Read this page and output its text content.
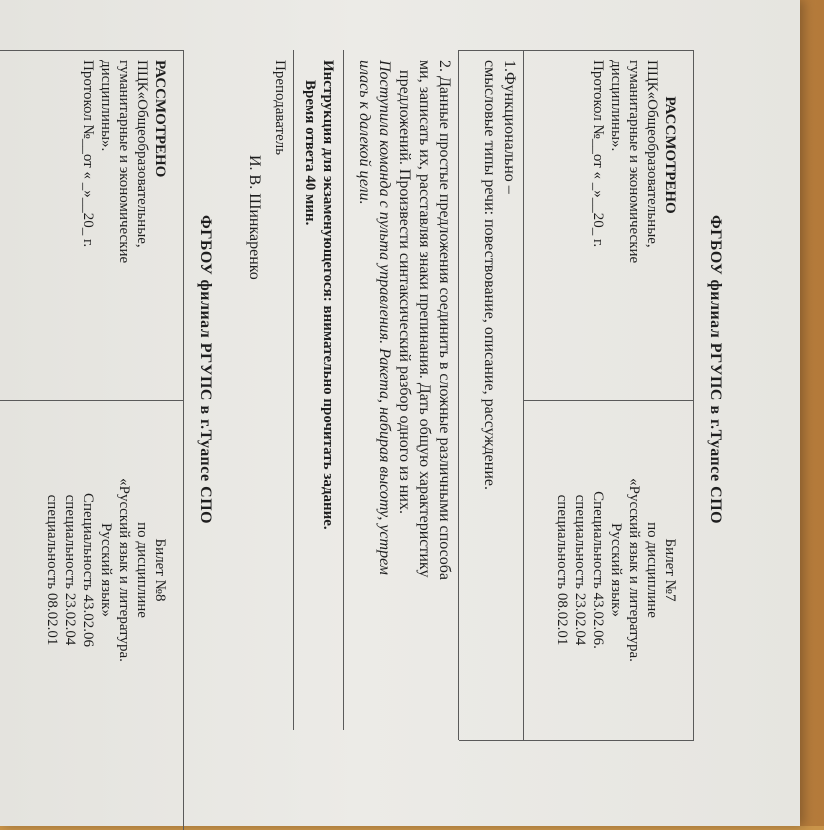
ФГБОУ филиал РГУПС в г.Туапсе СПО
РАССМОТРЕНО
ПЦК«Общеобразовательные,
гуманитарные и экономические
дисциплины».
Протокол №__от « _»__20_ г.
Билет №7
по дисциплине
«Русский язык и литература.
Русский язык»
Специальность 43.02.06.
специальность 23.02.04
специальность 08.02.01
1.Функционально –
смысловые типы речи: повествование, описание, рассуждение.
2. Данные простые предложения соединить в сложные различными способа
ми, записать их, расставляя знаки препинания. Дать общую характеристику
предложений. Произвести синтаксический разбор одного из них.
Поступила команда с пульта управления. Ракета, набирая высоту, устрем
илась к далекой цели.
Инструкция для экзаменующегося: внимательно прочитать задание.
Время ответа 40 мин.
Преподаватель
И. В. Шинкаренко
ФГБОУ филиал РГУПС в г.Туапсе СПО
РАССМОТРЕНО
ПЦК«Общеобразовательные,
гуманитарные и экономические
дисциплины».
Протокол №__от « _»__20_ г.
Билет №8
по дисциплине
«Русский язык и литература.
Русский язык»
Специальность 43.02.06
специальность 23.02.04
специальность 08.02.01
